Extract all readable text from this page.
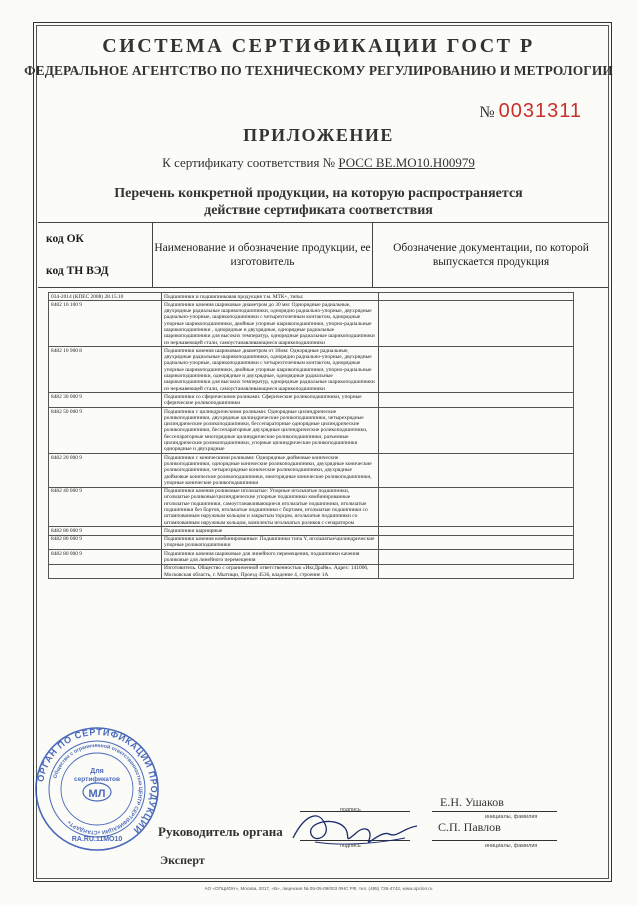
СИСТЕМА СЕРТИФИКАЦИИ ГОСТ Р
ФЕДЕРАЛЬНОЕ АГЕНТСТВО ПО ТЕХНИЧЕСКОМУ РЕГУЛИРОВАНИЮ И МЕТРОЛОГИИ
№ 0031311
ПРИЛОЖЕНИЕ
К сертификату соответствия № РОСС BE.МО10.Н00979
Перечень конкретной продукции, на которую распространяется
действие сертификата соответствия
код ОК
код ТН ВЭД
Наименование и обозначение продукции, ее изготовитель
Обозначение документации, по которой выпускается продукция
034-2014 (КПЕС 2008) 28.15.10	Подшипники и подшипниковая продукция т.м. МТК+, типы:	
8482 10 100 9	Подшипники качения шариковые диаметром до 30 мм: Однорядные радиальные, двухрядные радиальные шарикоподшипники, однорядно радиально-упорные, двухрядные радиально-упорные, шарикоподшипники с четырехточечным контактом, однорядные упорные шарикоподшипники, двойные упорные шарикоподшипники, упорно-радиальные шарикоподшипники , однорядные и двухрядные, однорядные радиальные шарикоподшипники для высоких температур, однорядные радиальные шарикоподшипники из нержавеющей стали, самоустанавливающиеся шарикоподшипники	
8482 10 900 8	Подшипники качения шариковые диаметром от 30мм: Однорядные радиальные, двухрядные радиальные шарикоподшипники, однорядно радиально-упорные, двухрядные радиально-упорные, шарикоподшипники с четырехточечным контактом, однорядные упорные шарикоподшипники, двойные упорные шарикоподшипники, упорно-радиальные шарикоподшипники, однорядные и двухрядные, однорядные радиальные шарикоподшипники для высоких температур, однорядные радиальные шарикоподшипники из нержавеющей стали, самоустанавливающиеся шарикоподшипники	
8482 30 000 9	Подшипники со сферическими роликами: Сферические роликоподшипники, упорные сферические роликоподшипники	
8482 50 000 9	Подшипники с цилиндрическими роликами: Однорядные цилиндрические роликоподшипники, двухрядные цилиндрические роликоподшипники, четырехрядные цилиндрические роликоподшипники, бессепараторные однорядные цилиндрические роликоподшипники, бессепараторные двухрядные цилиндрические роликоподшипники, бессепараторные многорядные цилиндрические роликоподшипники, разъемные цилиндрические роликоподшипники, упорные цилиндрические роликоподшипники однорядные и двухрядные	
8482 20 000 9	Подшипники с коническими роликами: Однорядные дюймовые конические роликоподшипники, однорядные конические роликоподшипники, двухрядные конические роликоподшипники, четырехрядные конические роликоподшипники, двухрядные дюймовые конические роликоподшипники, многорядные конические роликоподшипники, упорные конические роликоподшипники	
8482 40 000 9	Подшипники качения роликовые игольчатые: Упорные игольчатые подшипники, игольчатые роликовые/цилиндрические упорные подшипники комбинированные игольчатые подшипники, самоустанавливающиеся игольчатые подшипники, игольчатые подшипники без бортов, игольчатые подшипники с бортами, игольчатые подшипники со штампованным наружным кольцом и закрытым торцом, игольчатые подшипники со штампованным наружным кольцом, комплекты игольчатых роликов с сепаратором	
8482 80 000 9	Подшипники шарнирные	
8482 80 000 9	Подшипники качения комбинированные: Подшипники типа Y, игольчатые\цилиндрические упорные роликоподшипники	
8482 80 000 9	Подшипники качения шариковые для линейного перемещения, подшипники качения роликовые для линейного перемещения	
	Изготовитель. Общество с ограниченной ответственностью «ИксДрайв». Адрес: 141006, Московская область, г. Мытищи, Проезд 4536, владение 4, строение 1А	
ОРГАН ПО СЕРТИФИКАЦИИ ПРОДУКЦИИ
Общество с ограниченной ответственностью ЦЕНТР СЕРТИФИКАЦИИ «СТАНДАРТ»
Для
сертификатов
МЛ
RA.RU.11МО10
Руководитель органа
подпись
Е.Н. Ушаков
инициалы, фамилия
Эксперт
подпись
С.П. Павлов
инициалы, фамилия
АО «ОПЦИОН», Москва, 2017, «Б», лицензия № 05-05-09/003 ФНС РФ, тел. (495) 726-4742, www.opcion.ru
